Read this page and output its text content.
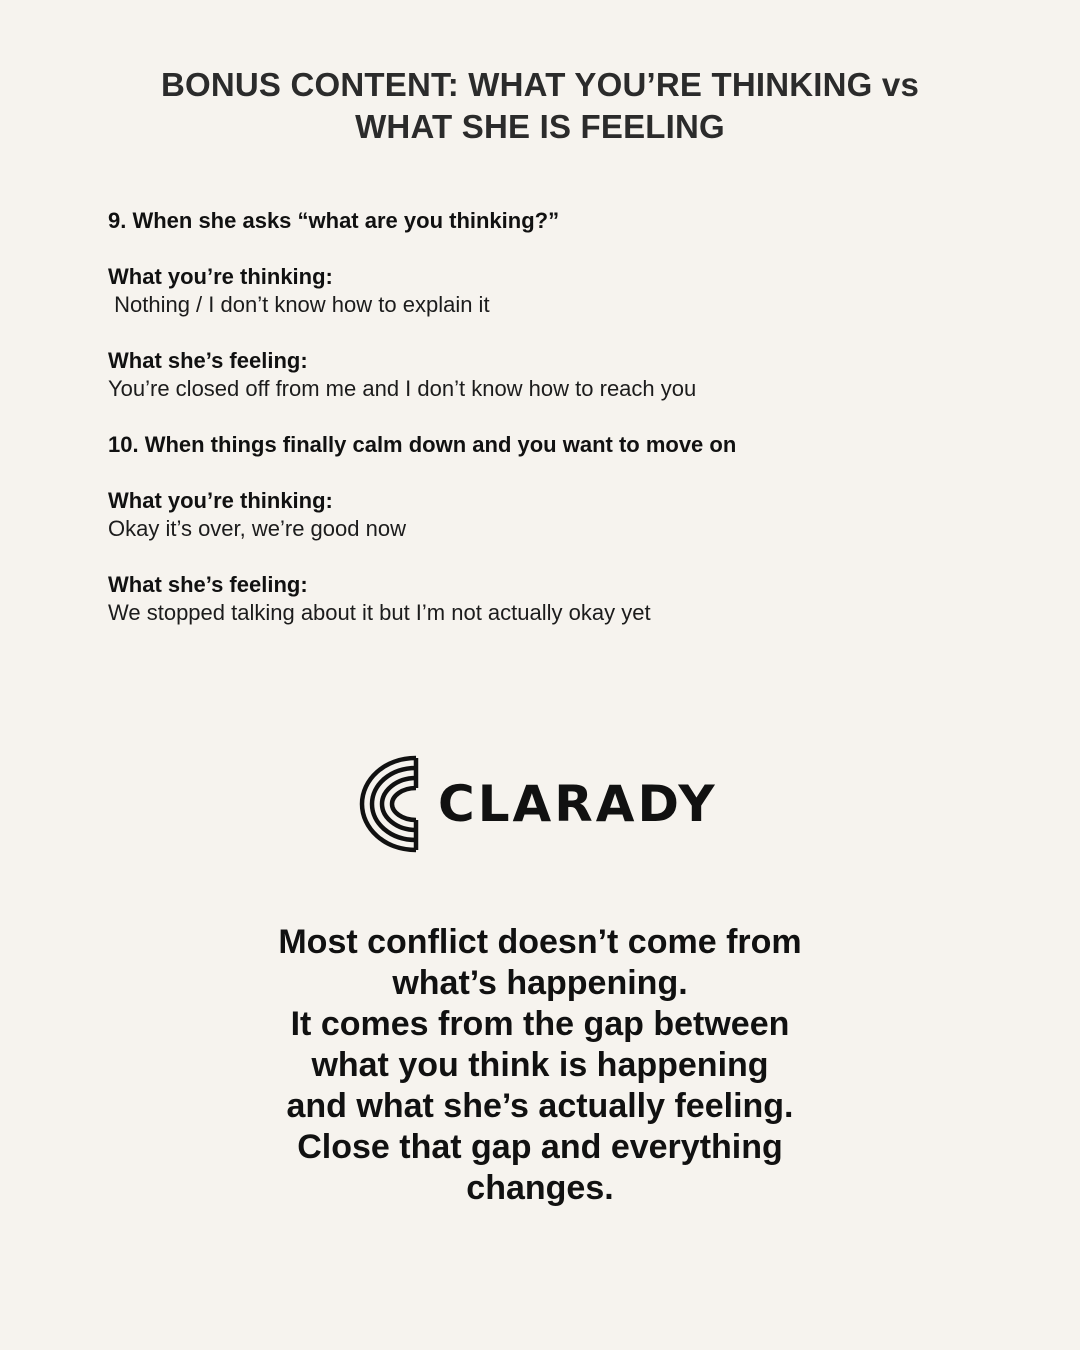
BONUS CONTENT: WHAT YOU’RE THINKING vs
WHAT SHE IS FEELING
9. When she asks “what are you thinking?”
What you’re thinking:
Nothing / I don’t know how to explain it
What she’s feeling:
You’re closed off from me and I don’t know how to reach you
10. When things finally calm down and you want to move on
What you’re thinking:
Okay it’s over, we’re good now
What she’s feeling:
We stopped talking about it but I’m not actually okay yet
CLARADY
Most conflict doesn’t come from
what’s happening.
It comes from the gap between
what you think is happening
and what she’s actually feeling.
Close that gap and everything
changes.
